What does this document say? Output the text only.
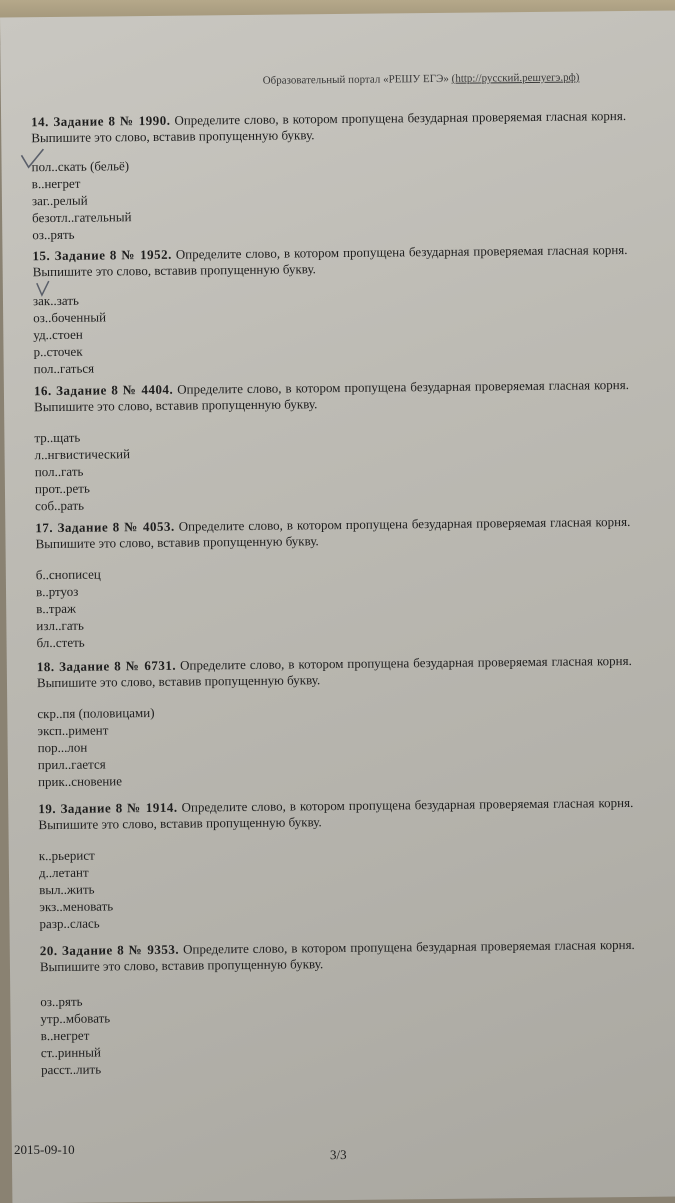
Образовательный портал «РЕШУ ЕГЭ» (http://русский.решуегэ.рф)
14. Задание 8 № 1990. Определите слово, в котором пропущена безударная проверяемая гласная корня. Выпишите это слово, вставив пропущенную букву.
пол..скать (бельё)
в..негрет
заг..релый
безотл..гательный
оз..рять
15. Задание 8 № 1952. Определите слово, в котором пропущена безударная проверяемая гласная корня. Выпишите это слово, вставив пропущенную букву.
зак..зать
оз..боченный
уд..стоен
р..сточек
пол..гаться
16. Задание 8 № 4404. Определите слово, в котором пропущена безударная проверяемая гласная корня. Выпишите это слово, вставив пропущенную букву.
тр..щать
л..нгвистический
пол..гать
прот..реть
соб..рать
17. Задание 8 № 4053. Определите слово, в котором пропущена безударная проверяемая гласная корня. Выпишите это слово, вставив пропущенную букву.
б..снописец
в..ртуоз
в..траж
изл..гать
бл..стеть
18. Задание 8 № 6731. Определите слово, в котором пропущена безударная проверяемая гласная корня. Выпишите это слово, вставив пропущенную букву.
скр..пя (половицами)
эксп..римент
пор...лон
прил..гается
прик..сновение
19. Задание 8 № 1914. Определите слово, в котором пропущена безударная проверяемая гласная корня. Выпишите это слово, вставив пропущенную букву.
к..рьерист
д..летант
выл..жить
экз..меновать
разр..слась
20. Задание 8 № 9353. Определите слово, в котором пропущена безударная проверяемая гласная корня. Выпишите это слово, вставив пропущенную букву.
оз..рять
утр..мбовать
в..негрет
ст..ринный
расст..лить
3/3
2015-09-10
